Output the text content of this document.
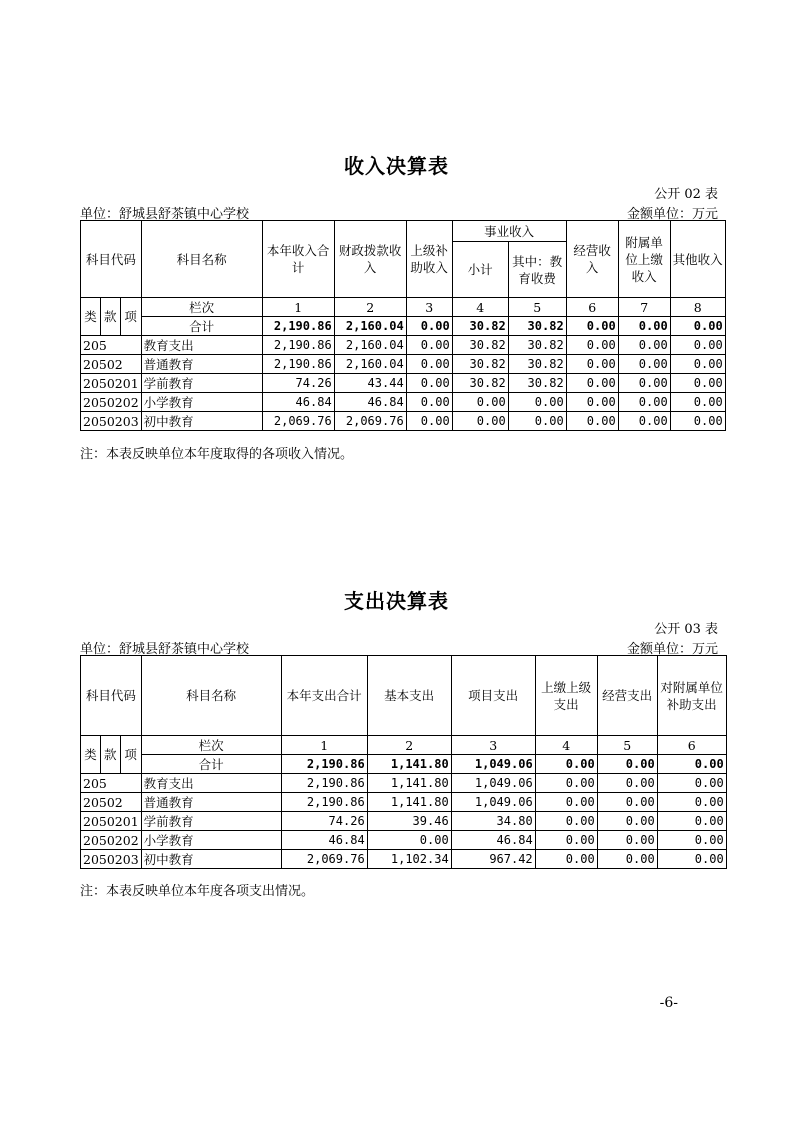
收入决算表
公开 02 表
单位：舒城县舒茶镇中心学校	金额单位：万元
科目代码			科目名称	本年收入合计	财政拨款收入	上级补助收入	事业收入		经营收入	附属单位上缴收入	其他收入
							小计	其中：教育收费			
类	款	项	栏次	1	2	3	4	5	6	7	8
			合计	2,190.86	2,160.04	0.00	30.82	30.82	0.00	0.00	0.00
205			教育支出	2,190.86	2,160.04	0.00	30.82	30.82	0.00	0.00	0.00
20502			普通教育	2,190.86	2,160.04	0.00	30.82	30.82	0.00	0.00	0.00
2050201			学前教育	74.26	43.44	0.00	30.82	30.82	0.00	0.00	0.00
2050202			小学教育	46.84	46.84	0.00	0.00	0.00	0.00	0.00	0.00
2050203			初中教育	2,069.76	2,069.76	0.00	0.00	0.00	0.00	0.00	0.00
注：本表反映单位本年度取得的各项收入情况。
支出决算表
公开 03 表
单位：舒城县舒茶镇中心学校	金额单位：万元
科目代码			科目名称	本年支出合计	基本支出	项目支出	上缴上级支出	经营支出	对附属单位补助支出
类	款	项	栏次	1	2	3	4	5	6
			合计	2,190.86	1,141.80	1,049.06	0.00	0.00	0.00
205			教育支出	2,190.86	1,141.80	1,049.06	0.00	0.00	0.00
20502			普通教育	2,190.86	1,141.80	1,049.06	0.00	0.00	0.00
2050201			学前教育	74.26	39.46	34.80	0.00	0.00	0.00
2050202			小学教育	46.84	0.00	46.84	0.00	0.00	0.00
2050203			初中教育	2,069.76	1,102.34	967.42	0.00	0.00	0.00
注：本表反映单位本年度各项支出情况。
-6-
